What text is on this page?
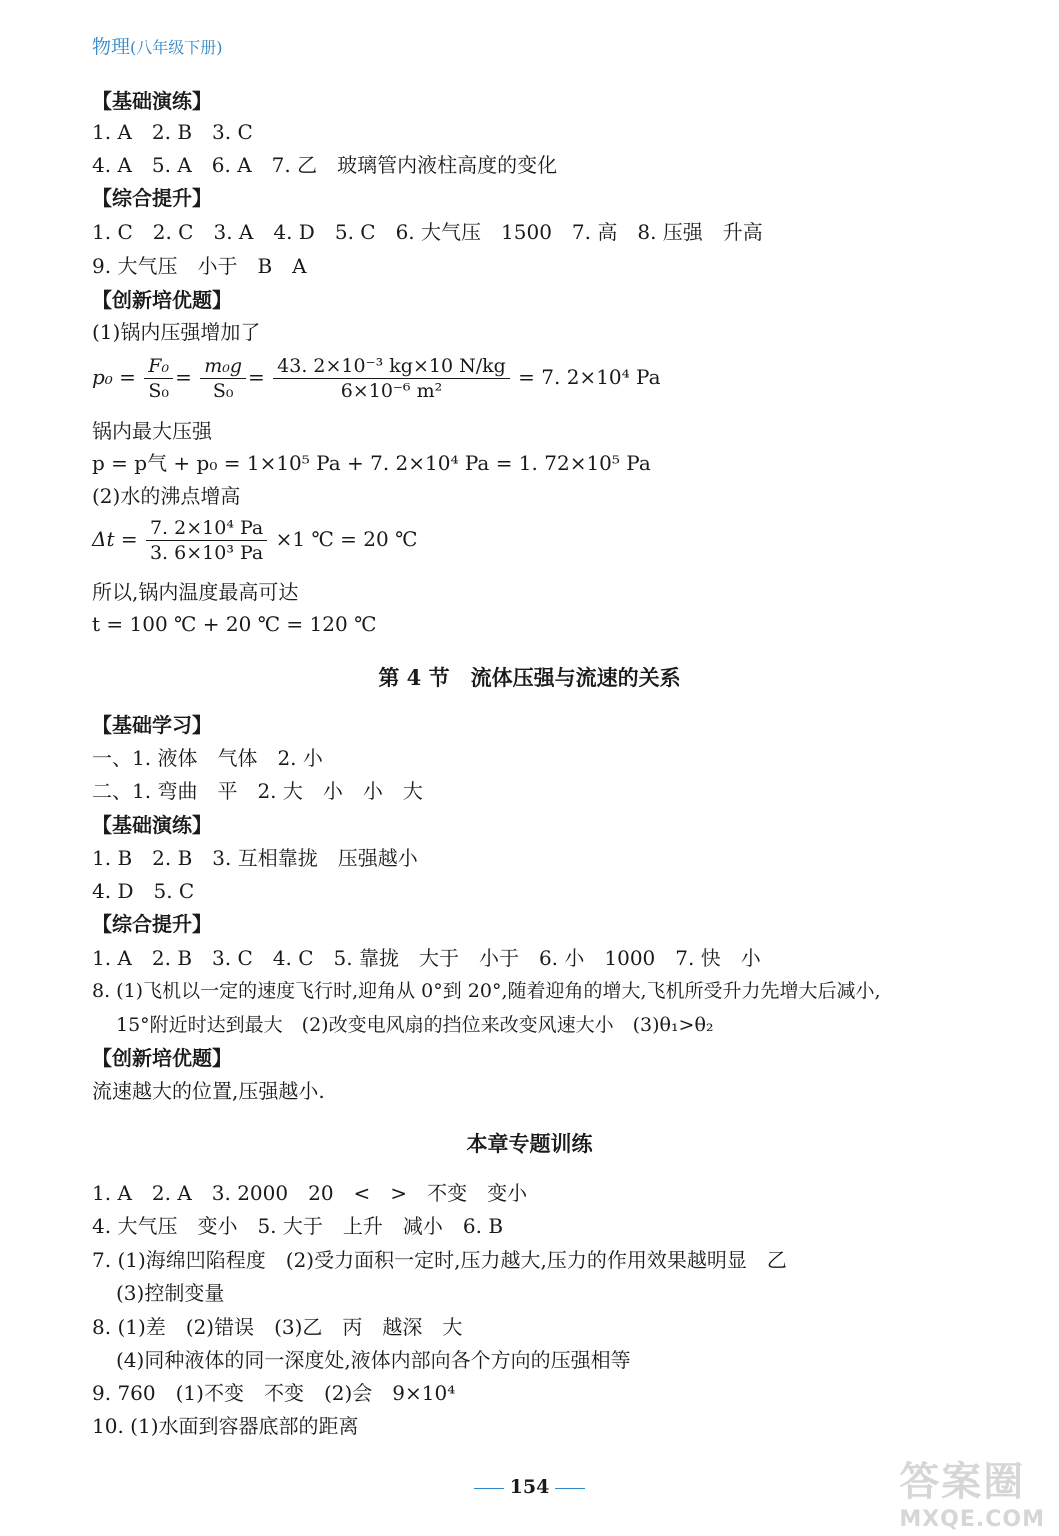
物理(八年级下册)
【基础演练】
1. A　2. B　3. C
4. A　5. A　6. A　7. 乙　玻璃管内液柱高度的变化
【综合提升】
1. C　2. C　3. A　4. D　5. C　6. 大气压　1500　7. 高　8. 压强　升高
9. 大气压　小于　B　A
【创新培优题】
(1)锅内压强增加了
$p_0 = \frac{\text{F₀}}{\text{S₀}} = \frac{\text{m₀g}}{\text{S₀}} = \frac{\text{43. 2×10⁻³ kg×10 N/kg}}{\text{6×10⁻⁶ m²}} = 7$. 2×10⁴ Pa
锅内最大压强
p = p气 + p₀ = 1×10⁵ Pa + 7. 2×10⁴ Pa = 1. 72×10⁵ Pa
(2)水的沸点增高
$\Delta t = \frac{\text{7. 2×10⁴ Pa}}{\text{3. 6×10³ Pa}} \times 1$ ℃ = 20 ℃
所以,锅内温度最高可达
t = 100 ℃ + 20 ℃ = 120 ℃
第 4 节　流体压强与流速的关系
【基础学习】
一、1. 液体　气体　2. 小
二、1. 弯曲　平　2. 大　小　小　大
【基础演练】
1. B　2. B　3. 互相靠拢　压强越小
4. D　5. C
【综合提升】
1. A　2. B　3. C　4. C　5. 靠拢　大于　小于　6. 小　1000　7. 快　小
8. (1)飞机以一定的速度飞行时,迎角从 0°到 20°,随着迎角的增大,飞机所受升力先增大后减小,
15°附近时达到最大　(2)改变电风扇的挡位来改变风速大小　(3)θ₁>θ₂
【创新培优题】
流速越大的位置,压强越小.
本章专题训练
1. A　2. A　3. 2000　20　<　>　不变　变小
4. 大气压　变小　5. 大于　上升　减小　6. B
7. (1)海绵凹陷程度　(2)受力面积一定时,压力越大,压力的作用效果越明显　乙
(3)控制变量
8. (1)差　(2)错误　(3)乙　丙　越深　大
(4)同种液体的同一深度处,液体内部向各个方向的压强相等
9. 760　(1)不变　不变　(2)会　9×10⁴
10. (1)水面到容器底部的距离
154	答案圈
MXQE.COM
